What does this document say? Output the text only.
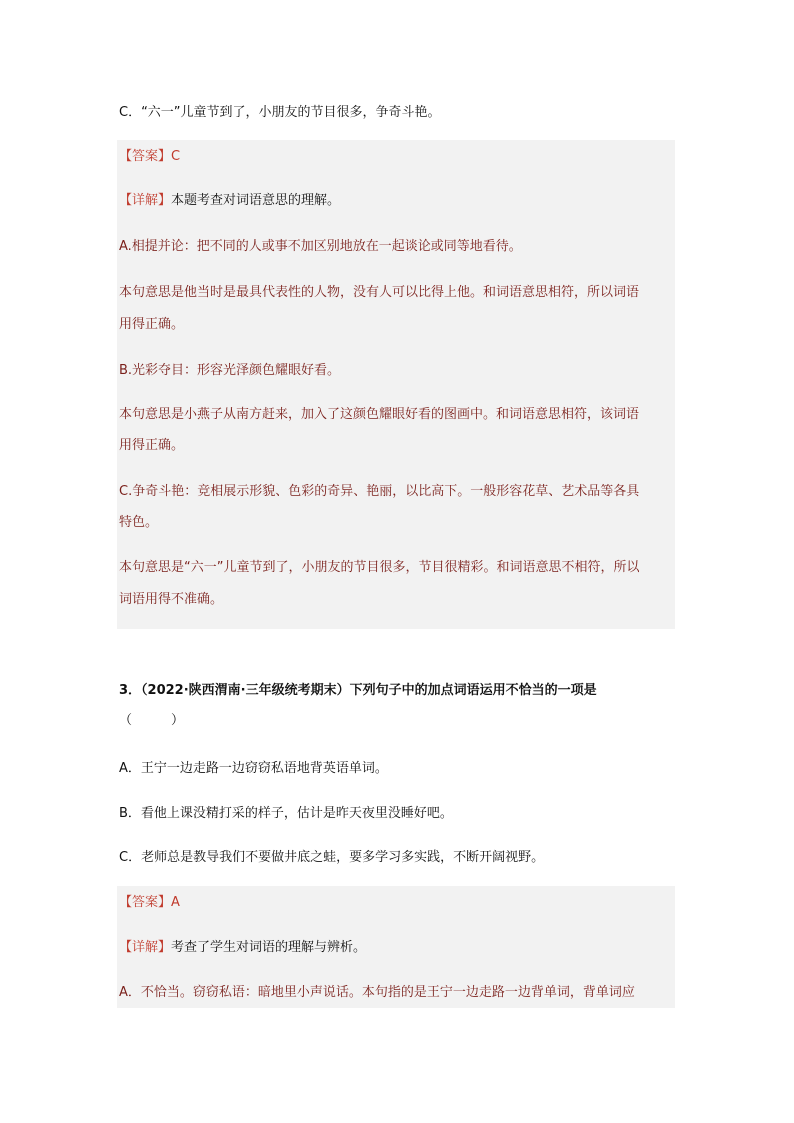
C．“六一”儿童节到了，小朋友的节目很多，争奇斗艳。
【答案】C
【详解】本题考查对词语意思的理解。
A.相提并论：把不同的人或事不加区别地放在一起谈论或同等地看待。
本句意思是他当时是最具代表性的人物，没有人可以比得上他。和词语意思相符，所以词语
用得正确。
B.光彩夺目：形容光泽颜色耀眼好看。
本句意思是小燕子从南方赶来，加入了这颜色耀眼好看的图画中。和词语意思相符，该词语
用得正确。
C.争奇斗艳：竞相展示形貌、色彩的奇异、艳丽，以比高下。一般形容花草、艺术品等各具
特色。
本句意思是“六一”儿童节到了，小朋友的节目很多，节目很精彩。和词语意思不相符，所以
词语用得不准确。
3．（2022·陕西渭南·三年级统考期末）下列句子中的加点词语运用不恰当的一项是
（　　　）
A．王宁一边走路一边窃窃私语地背英语单词。
B．看他上课没精打采的样子，估计是昨天夜里没睡好吧。
C．老师总是教导我们不要做井底之蛙，要多学习多实践，不断开阔视野。
【答案】A
【详解】考查了学生对词语的理解与辨析。
A．不恰当。窃窃私语：暗地里小声说话。本句指的是王宁一边走路一边背单词，背单词应
